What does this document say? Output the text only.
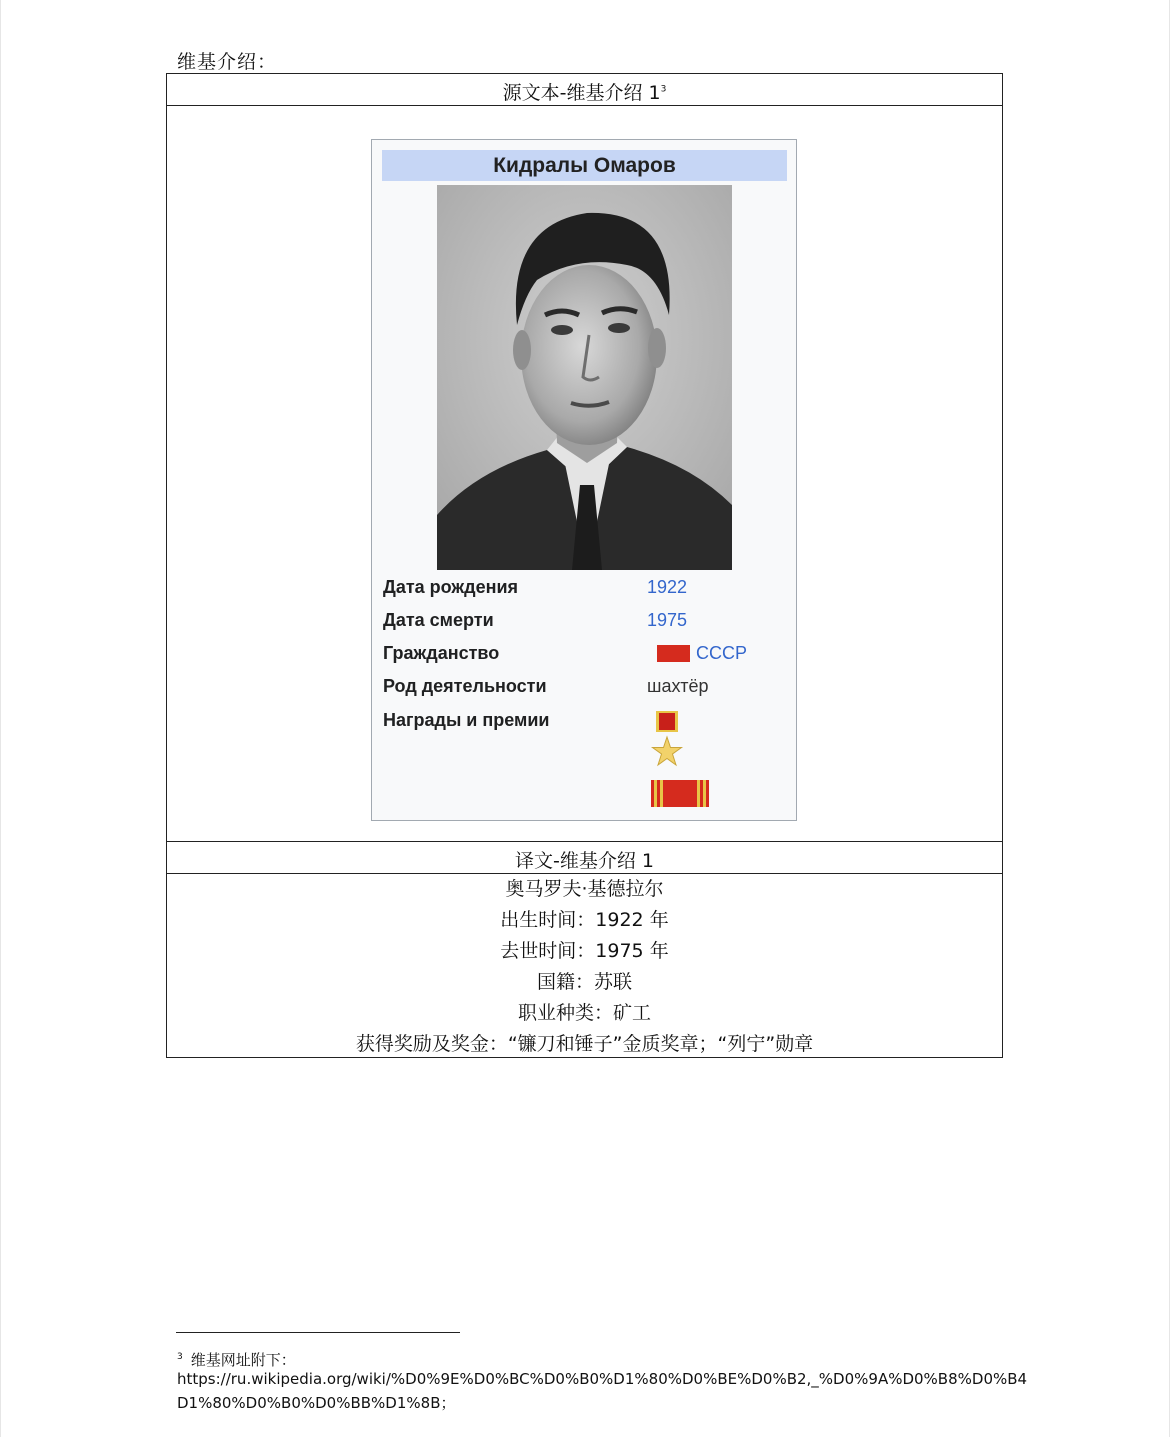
维基介绍：
源文本-维基介绍 $1^3$
Кидралы Омаров
Дата рождения	1922
Дата смерти	1975
Гражданство	СССР
Род деятельности	шахтёр
Награды и премии
译文-维基介绍 1
奥马罗夫·基德拉尔
出生时间：1922 年
去世时间：1975 年
国籍：苏联
职业种类：矿工
获得奖励及奖金：“镰刀和锤子”金质奖章；“列宁”勋章
$^3$ 维基网址附下：
https://ru.wikipedia.org/wiki/%D0%9E%D0%BC%D0%B0%D1%80%D0%BE%D0%B2,_%D0%9A%D0%B8%D0%B4
D1%80%D0%B0%D0%BB%D1%8B；
